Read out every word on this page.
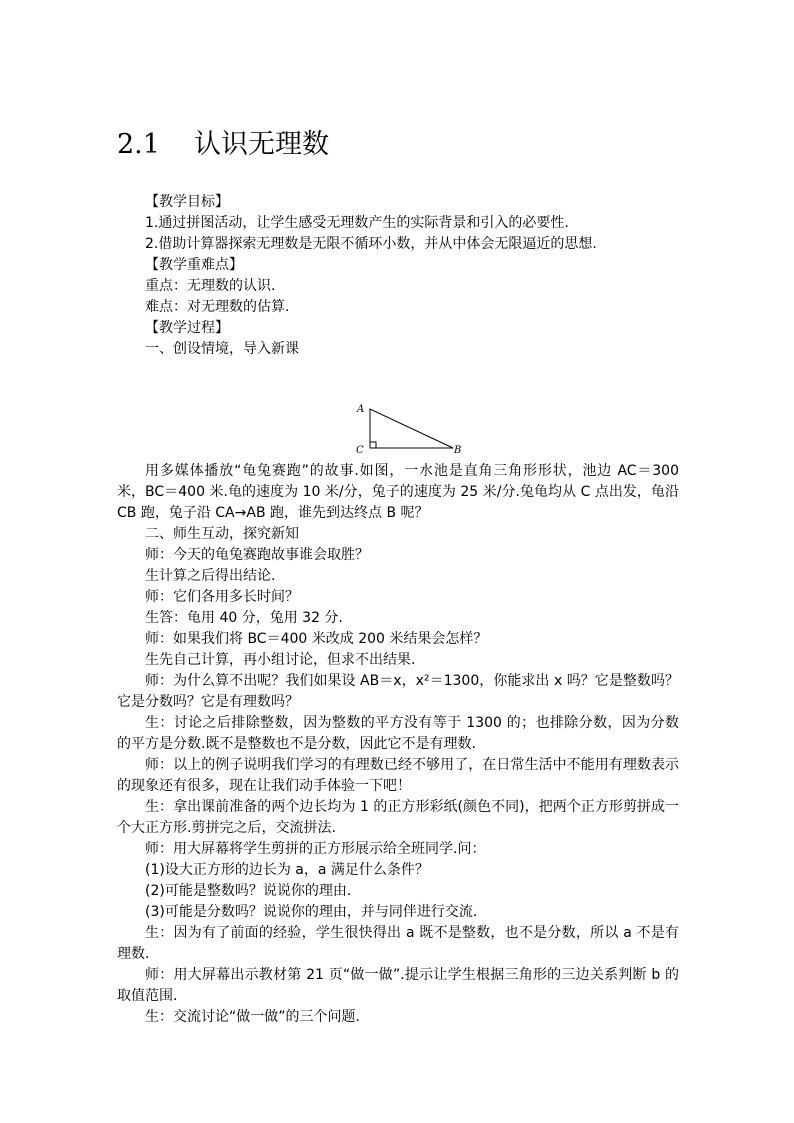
2.1 认识无理数
【教学目标】
1.通过拼图活动，让学生感受无理数产生的实际背景和引入的必要性.
2.借助计算器探索无理数是无限不循环小数，并从中体会无限逼近的思想.
【教学重难点】
重点：无理数的认识.
难点：对无理数的估算.
【教学过程】
一、创设情境，导入新课
A
C	B

用多媒体播放“龟兔赛跑”的故事.如图，一水池是直角三角形形状，池边 AC＝300 米，BC＝400 米.龟的速度为 10 米/分，兔子的速度为 25 米/分.兔龟均从 C 点出发，龟沿 CB 跑，兔子沿 CA→AB 跑，谁先到达终点 B 呢？

二、师生互动，探究新知

师：今天的龟兔赛跑故事谁会取胜？

生计算之后得出结论.

师：它们各用多长时间？

生答：龟用 40 分，兔用 32 分.

师：如果我们将 BC＝400 米改成 200 米结果会怎样？

生先自己计算，再小组讨论，但求不出结果.

师：为什么算不出呢？我们如果设 AB＝x，x²＝1300，你能求出 x 吗？它是整数吗？它是分数吗？它是有理数吗？

生：讨论之后排除整数，因为整数的平方没有等于 1300 的；也排除分数，因为分数的平方是分数.既不是整数也不是分数，因此它不是有理数.

师：以上的例子说明我们学习的有理数已经不够用了，在日常生活中不能用有理数表示的现象还有很多，现在让我们动手体验一下吧！

生：拿出课前准备的两个边长均为 1 的正方形彩纸(颜色不同)，把两个正方形剪拼成一个大正方形.剪拼完之后，交流拼法.

师：用大屏幕将学生剪拼的正方形展示给全班同学.问：

(1)设大正方形的边长为 a，a 满足什么条件？

(2)可能是整数吗？说说你的理由.

(3)可能是分数吗？说说你的理由，并与同伴进行交流.

生：因为有了前面的经验，学生很快得出 a 既不是整数，也不是分数，所以 a 不是有理数.

师：用大屏幕出示教材第 21 页“做一做”.提示让学生根据三角形的三边关系判断 b 的取值范围.

生：交流讨论“做一做”的三个问题.
